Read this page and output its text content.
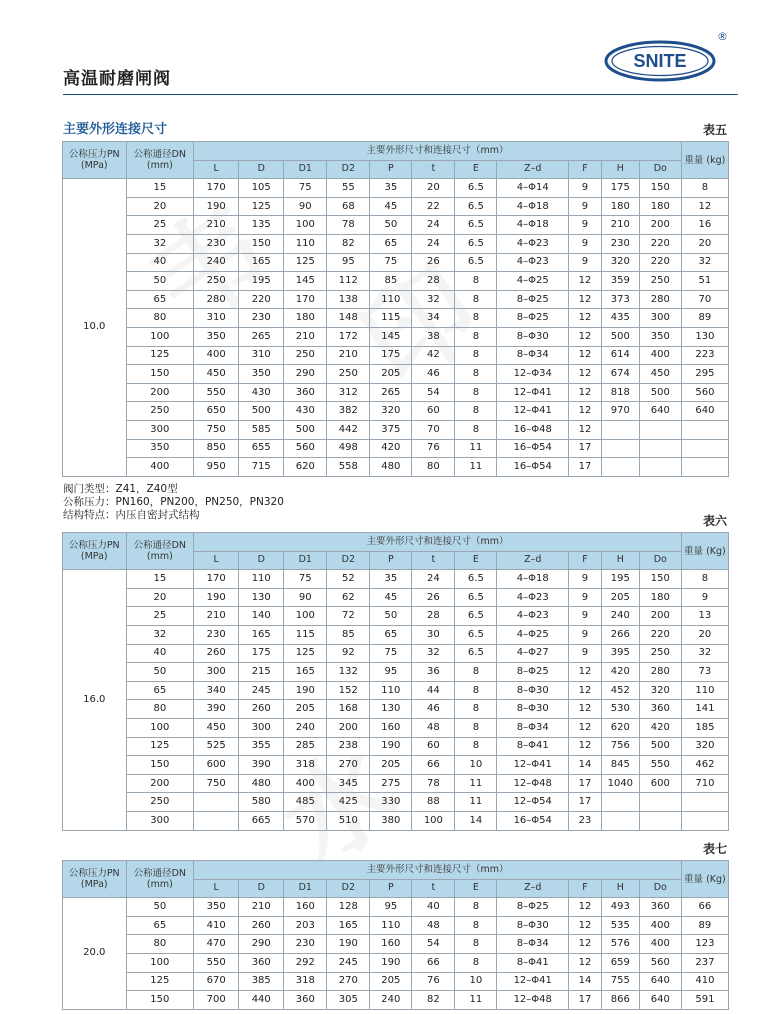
高温耐磨闸阀
SNITE
®
主要外形连接尺寸	表五
公称压力PN (MPa)	公称通径DN (mm)	主要外形尺寸和连接尺寸（mm）											重量 (kg)
		L	D	D1	D2	P	t	E	Z–d	F	H	Do	
10.0	15	170	105	75	55	35	20	6.5	4–Φ14	9	175	150	8
	20	190	125	90	68	45	22	6.5	4–Φ18	9	180	180	12
	25	210	135	100	78	50	24	6.5	4–Φ18	9	210	200	16
	32	230	150	110	82	65	24	6.5	4–Φ23	9	230	220	20
	40	240	165	125	95	75	26	6.5	4–Φ23	9	320	220	32
	50	250	195	145	112	85	28	8	4–Φ25	12	359	250	51
	65	280	220	170	138	110	32	8	8–Φ25	12	373	280	70
	80	310	230	180	148	115	34	8	8–Φ25	12	435	300	89
	100	350	265	210	172	145	38	8	8–Φ30	12	500	350	130
	125	400	310	250	210	175	42	8	8–Φ34	12	614	400	223
	150	450	350	290	250	205	46	8	12–Φ34	12	674	450	295
	200	550	430	360	312	265	54	8	12–Φ41	12	818	500	560
	250	650	500	430	382	320	60	8	12–Φ41	12	970	640	640
	300	750	585	500	442	375	70	8	16–Φ48	12			
	350	850	655	560	498	420	76	11	16–Φ54	17			
	400	950	715	620	558	480	80	11	16–Φ54	17			
阀门类型：Z41，Z40型
公称压力：PN160，PN200，PN250，PN320
结构特点：内压自密封式结构	表六
公称压力PN (MPa)	公称通径DN (mm)	主要外形尺寸和连接尺寸（mm）											重量 (Kg)
		L	D	D1	D2	P	t	E	Z–d	F	H	Do	
16.0	15	170	110	75	52	35	24	6.5	4–Φ18	9	195	150	8
	20	190	130	90	62	45	26	6.5	4–Φ23	9	205	180	9
	25	210	140	100	72	50	28	6.5	4–Φ23	9	240	200	13
	32	230	165	115	85	65	30	6.5	4–Φ25	9	266	220	20
	40	260	175	125	92	75	32	6.5	4–Φ27	9	395	250	32
	50	300	215	165	132	95	36	8	8–Φ25	12	420	280	73
	65	340	245	190	152	110	44	8	8–Φ30	12	452	320	110
	80	390	260	205	168	130	46	8	8–Φ30	12	530	360	141
	100	450	300	240	200	160	48	8	8–Φ34	12	620	420	185
	125	525	355	285	238	190	60	8	8–Φ41	12	756	500	320
	150	600	390	318	270	205	66	10	12–Φ41	14	845	550	462
	200	750	480	400	345	275	78	11	12–Φ48	17	1040	600	710
	250		580	485	425	330	88	11	12–Φ54	17			
	300		665	570	510	380	100	14	16–Φ54	23			
表七
公称压力PN (MPa)	公称通径DN (mm)	主要外形尺寸和连接尺寸（mm）											重量 (Kg)
		L	D	D1	D2	P	t	E	Z–d	F	H	Do	
20.0	50	350	210	160	128	95	40	8	8–Φ25	12	493	360	66
	65	410	260	203	165	110	48	8	8–Φ30	12	535	400	89
	80	470	290	230	190	160	54	8	8–Φ34	12	576	400	123
	100	550	360	292	245	190	66	8	8–Φ41	12	659	560	237
	125	670	385	318	270	205	76	10	12–Φ41	14	755	640	410
	150	700	440	360	305	240	82	11	12–Φ48	17	866	640	591
